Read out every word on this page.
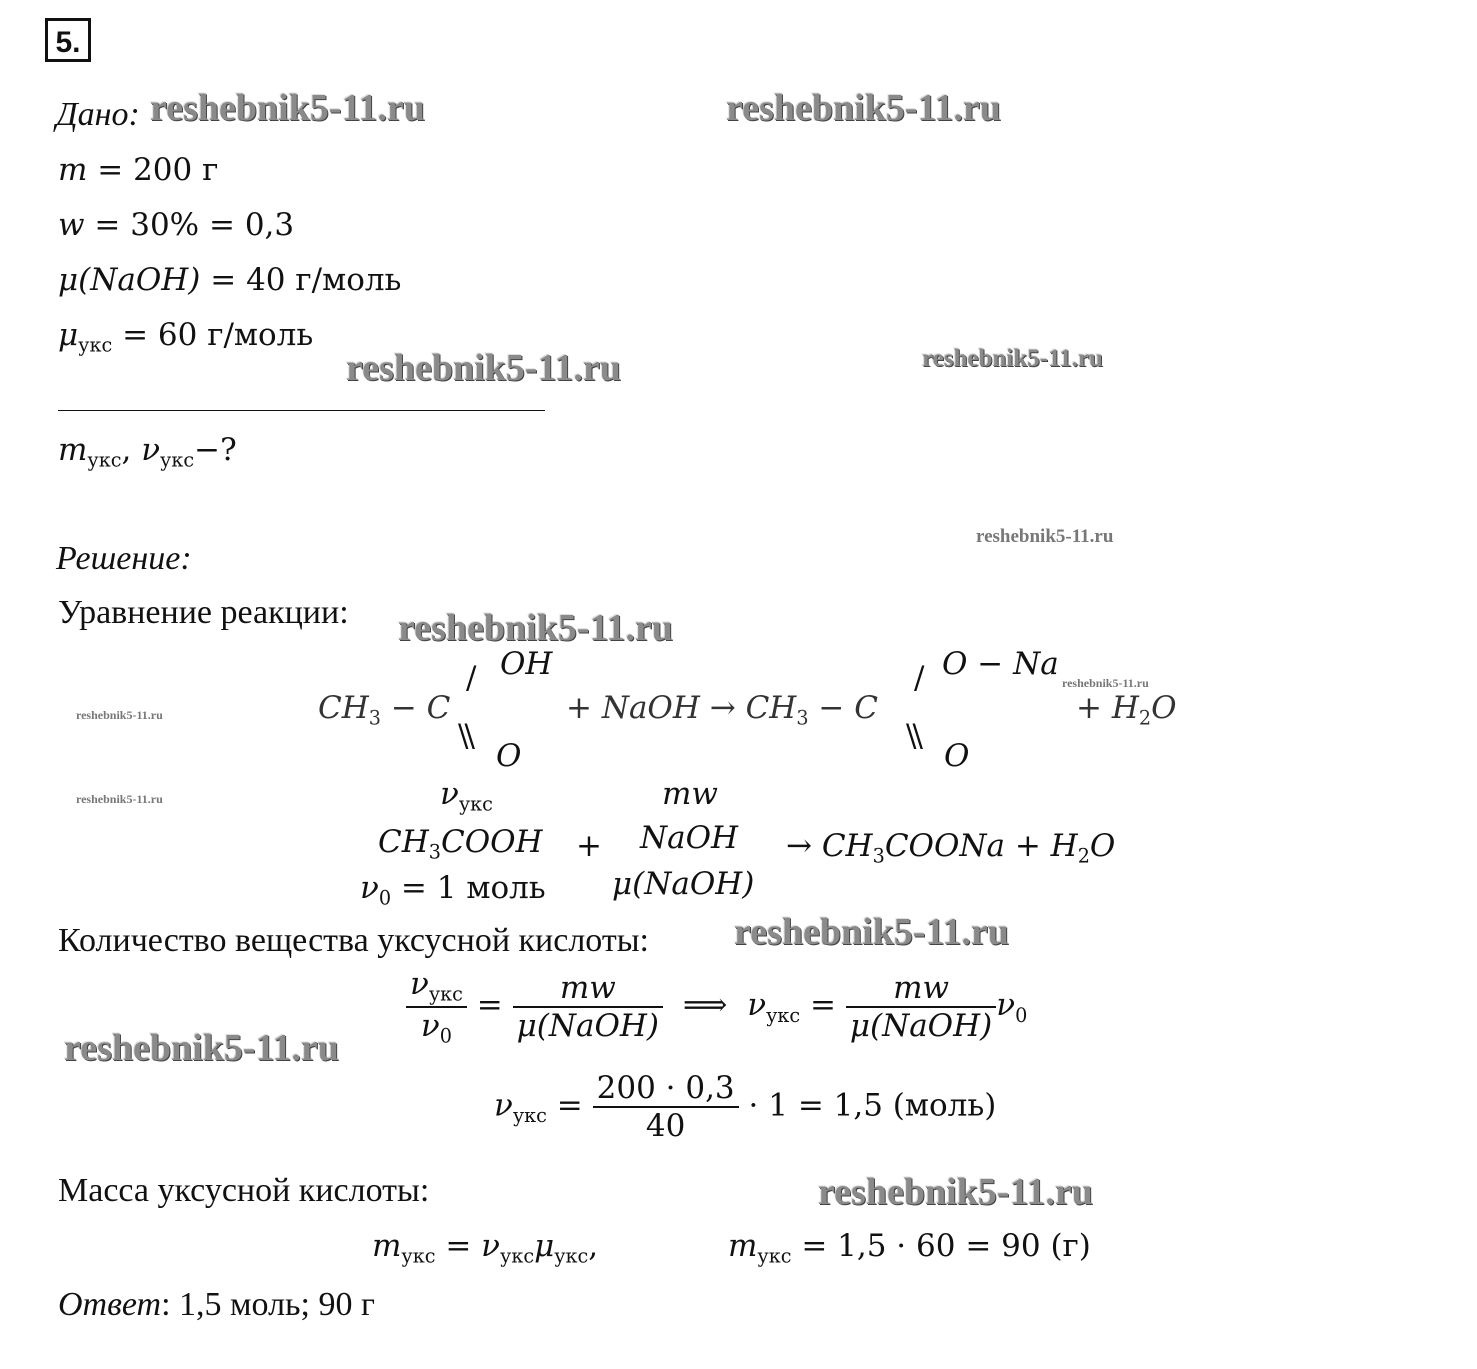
5.
Дано:
m = 200 г
w = 30% = 0,3
μ(NaOH) = 40 г/моль
$\mu_{укс} = 60$ г/моль
$m_{укс}$, $\nu_{укс}-$?
Решение:
Уравнение реакции:
$CH_3 - C$
/ OH
\\
O
+ NaOH → $CH_3 - C$
/ O − Na
\\
O
+ $H_2O$
$\nu_{укс}$	mw
$CH_3COOH$ + NaOH → $CH_3COONa + H_2O$
$\nu_0 = 1$ моль μ(NaOH)
Количество вещества уксусной кислоты:
$\frac{\nu_{укс}}{\nu_0} = \frac{mw}{\text{μ(NaOH)}}$ ⟹ $\nu_{укс} = \frac{mw}{\text{μ(NaOH)}} \nu_0$
$\nu_{укс} = \frac{200 \cdot 0,3}{40} \cdot 1 = 1,5$ (моль)
Масса уксусной кислоты:
$m_{укс} = \nu_{укс}\mu_{укс}$,	$m_{укс} = 1,5 \cdot 60 = 90$ (г)
Ответ: 1,5 моль; 90 г
reshebnik5-11.ru	reshebnik5-11.ru
reshebnik5-11.ru	reshebnik5-11.ru
reshebnik5-11.ru
reshebnik5-11.ru
reshebnik5-11.ru
reshebnik5-11.ru
reshebnik5-11.ru
reshebnik5-11.ru
reshebnik5-11.ru
reshebnik5-11.ru
